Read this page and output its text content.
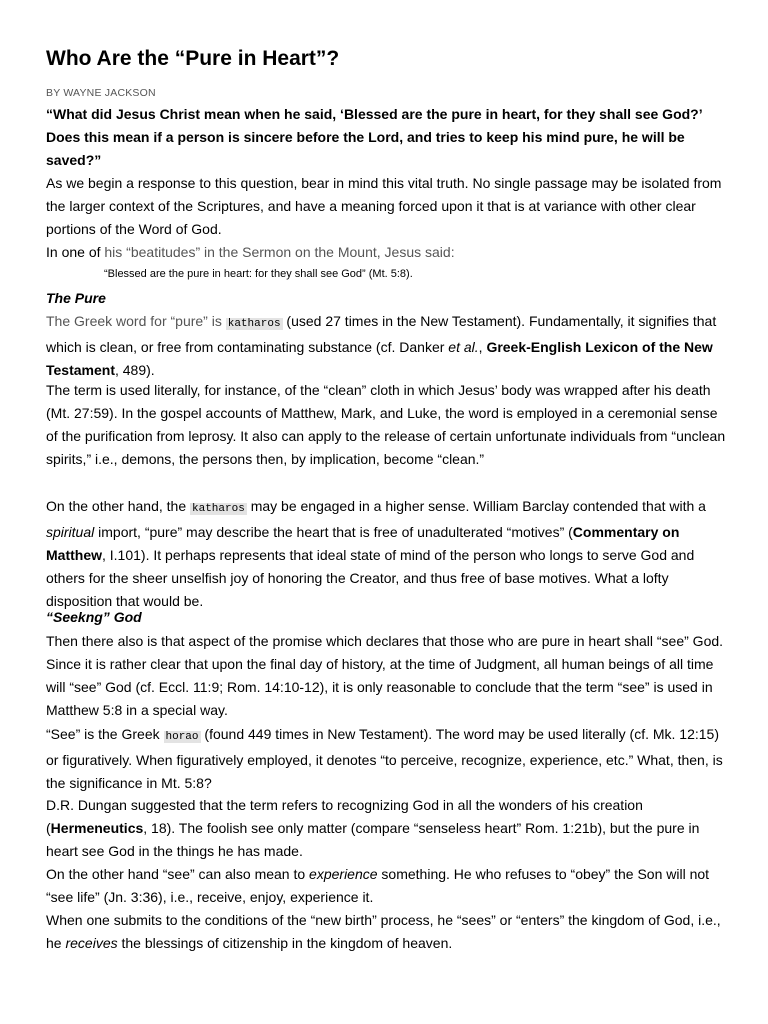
Who Are the “Pure in Heart”?
BY WAYNE JACKSON
“What did Jesus Christ mean when he said, ‘Blessed are the pure in heart, for they shall see God?’ Does this mean if a person is sincere before the Lord, and tries to keep his mind pure, he will be saved?”
As we begin a response to this question, bear in mind this vital truth. No single passage may be isolated from the larger context of the Scriptures, and have a meaning forced upon it that is at variance with other clear portions of the Word of God.
In one of his “beatitudes” in the Sermon on the Mount, Jesus said:
“Blessed are the pure in heart: for they shall see God” (Mt. 5:8).
The Pure
The Greek word for “pure” is katharos (used 27 times in the New Testament). Fundamentally, it signifies that which is clean, or free from contaminating substance (cf. Danker et al., Greek-English Lexicon of the New Testament, 489).
The term is used literally, for instance, of the “clean” cloth in which Jesus’ body was wrapped after his death (Mt. 27:59). In the gospel accounts of Matthew, Mark, and Luke, the word is employed in a ceremonial sense of the purification from leprosy. It also can apply to the release of certain unfortunate individuals from “unclean spirits,” i.e., demons, the persons then, by implication, become “clean.”
On the other hand, the katharos may be engaged in a higher sense. William Barclay contended that with a spiritual import, “pure” may describe the heart that is free of unadulterated “motives” (Commentary on Matthew, I.101). It perhaps represents that ideal state of mind of the person who longs to serve God and others for the sheer unselfish joy of honoring the Creator, and thus free of base motives. What a lofty disposition that would be.
“Seekng” God
Then there also is that aspect of the promise which declares that those who are pure in heart shall “see” God. Since it is rather clear that upon the final day of history, at the time of Judgment, all human beings of all time will “see” God (cf. Eccl. 11:9; Rom. 14:10-12), it is only reasonable to conclude that the term “see” is used in Matthew 5:8 in a special way.
“See” is the Greek horao (found 449 times in New Testament). The word may be used literally (cf. Mk. 12:15) or figuratively. When figuratively employed, it denotes “to perceive, recognize, experience, etc.” What, then, is the significance in Mt. 5:8?
D.R. Dungan suggested that the term refers to recognizing God in all the wonders of his creation (Hermeneutics, 18). The foolish see only matter (compare “senseless heart” Rom. 1:21b), but the pure in heart see God in the things he has made.
On the other hand “see” can also mean to experience something. He who refuses to “obey” the Son will not “see life” (Jn. 3:36), i.e., receive, enjoy, experience it.
When one submits to the conditions of the “new birth” process, he “sees” or “enters” the kingdom of God, i.e., he receives the blessings of citizenship in the kingdom of heaven.
